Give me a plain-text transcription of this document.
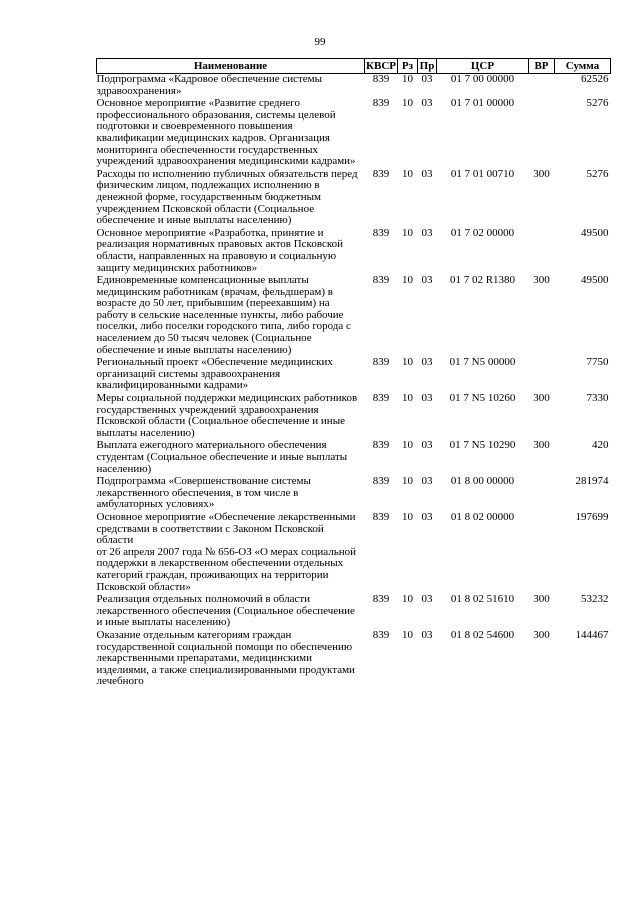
99
Наименование	КВСР	Рз	Пр	ЦСР	ВР	Сумма
Подпрограмма «Кадровое обеспечение системы здравоохранения»	839	10	03	01 7 00 00000		62526
Основное мероприятие «Развитие среднего профессионального образования, системы целевой подготовки и своевременного повышения квалификации медицинских кадров. Организация мониторинга обеспеченности государственных учреждений здравоохранения медицинскими кадрами»	839	10	03	01 7 01 00000		5276
Расходы по исполнению публичных обязательств перед физическим лицом, подлежащих исполнению в денежной форме, государственным бюджетным учреждением Псковской области (Социальное обеспечение и иные выплаты населению)	839	10	03	01 7 01 00710	300	5276
Основное мероприятие «Разработка, принятие и реализация нормативных правовых актов Псковской области, направленных на правовую и социальную защиту медицинских работников»	839	10	03	01 7 02 00000		49500
Единовременные компенсационные выплаты медицинским работникам (врачам, фельдшерам) в возрасте до 50 лет, прибывшим (переехавшим) на работу в сельские населенные пункты, либо рабочие поселки, либо поселки городского типа, либо города с населением до 50 тысяч человек (Социальное обеспечение и иные выплаты населению)	839	10	03	01 7 02 R1380	300	49500
Региональный проект «Обеспечение медицинских организаций системы здравоохранения квалифицированными кадрами»	839	10	03	01 7 N5 00000		7750
Меры социальной поддержки медицинских работников государственных учреждений здравоохранения Псковской области (Социальное обеспечение и иные выплаты населению)	839	10	03	01 7 N5 10260	300	7330
Выплата ежегодного материального обеспечения студентам (Социальное обеспечение и иные выплаты населению)	839	10	03	01 7 N5 10290	300	420
Подпрограмма «Совершенствование системы лекарственного обеспечения, в том числе в амбулаторных условиях»	839	10	03	01 8 00 00000		281974
Основное мероприятие «Обеспечение лекарственными средствами в соответствии с Законом Псковской области
от 26 апреля 2007 года № 656-ОЗ «О мерах социальной поддержки в лекарственном обеспечении отдельных категорий граждан, проживающих на территории Псковской области»	839	10	03	01 8 02 00000		197699
Реализация отдельных полномочий в области лекарственного обеспечения (Социальное обеспечение и иные выплаты населению)	839	10	03	01 8 02 51610	300	53232
Оказание отдельным категориям граждан государственной социальной помощи по обеспечению лекарственными препаратами, медицинскими изделиями, а также специализированными продуктами лечебного	839	10	03	01 8 02 54600	300	144467
